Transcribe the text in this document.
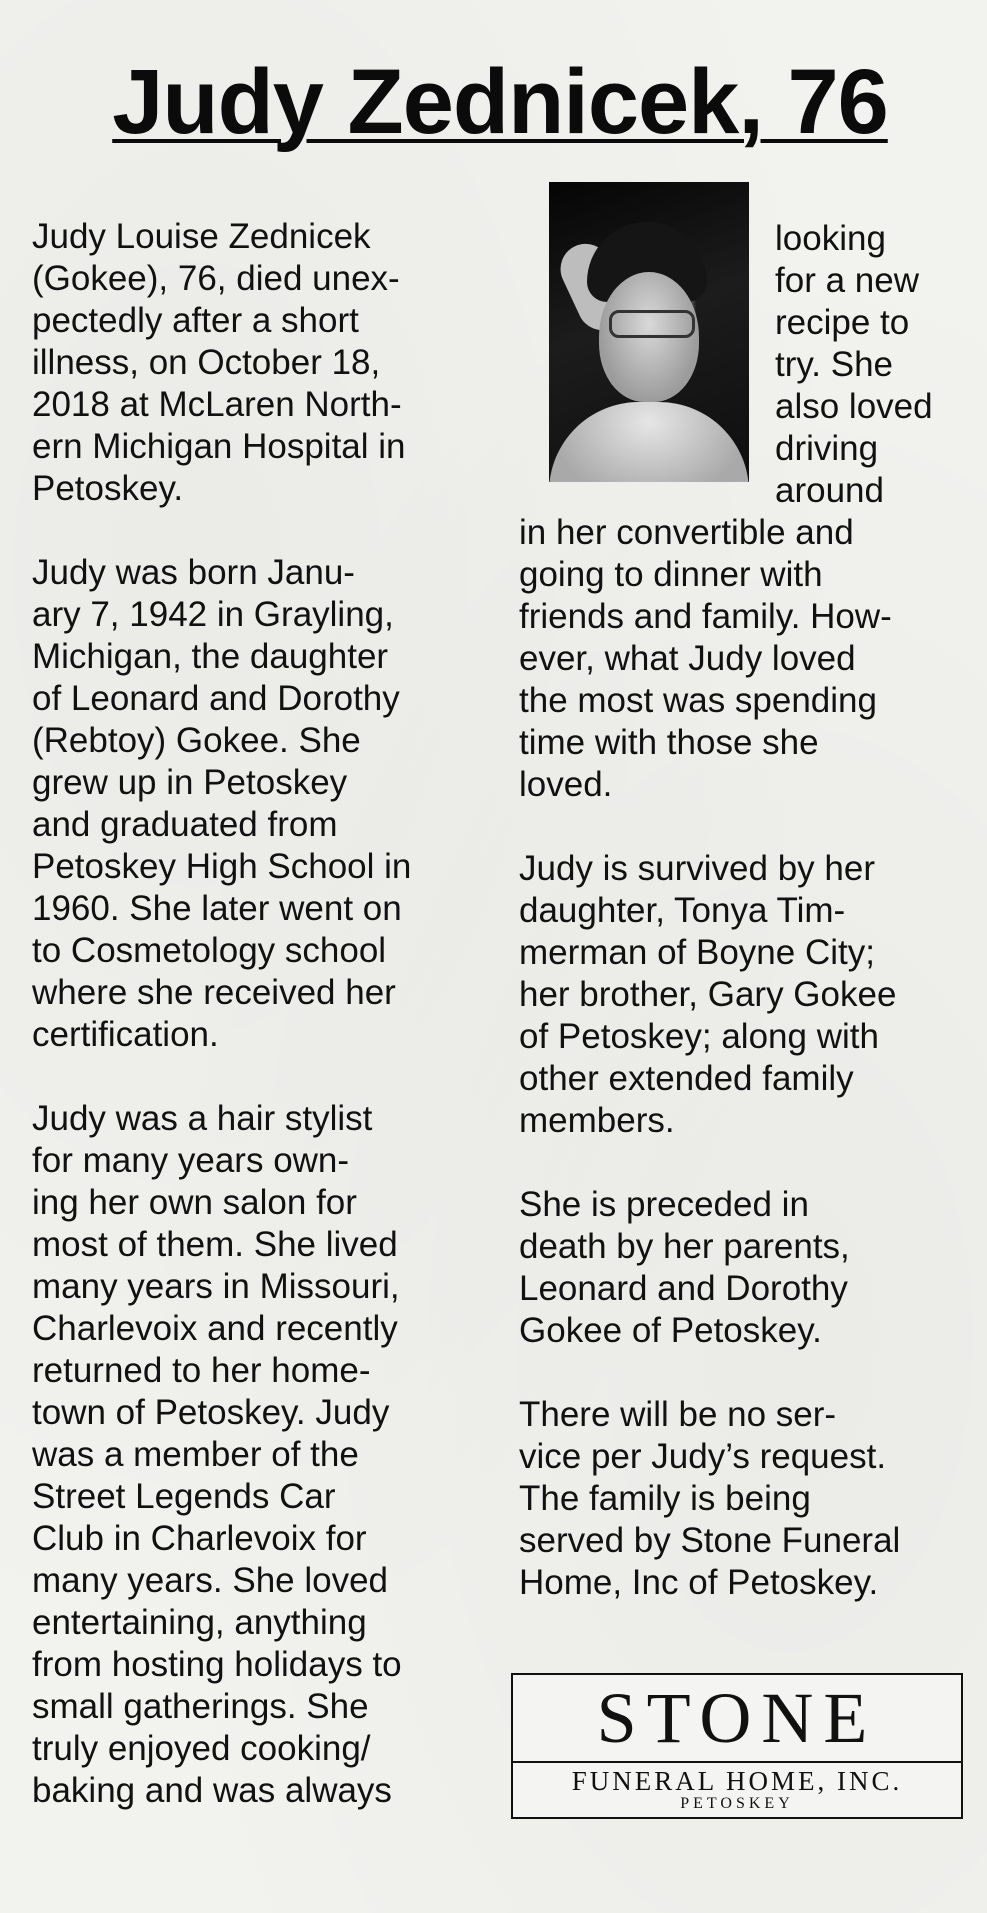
Judy Zednicek, 76
Judy Louise Zednicek
(Gokee), 76, died unex-
pectedly after a short
illness, on October 18,
2018 at McLaren North-
ern Michigan Hospital in
Petoskey.
Judy was born Janu-
ary 7, 1942 in Grayling,
Michigan, the daughter
of Leonard and Dorothy
(Rebtoy) Gokee. She
grew up in Petoskey
and graduated from
Petoskey High School in
1960. She later went on
to Cosmetology school
where she received her
certification.
Judy was a hair stylist
for many years own-
ing her own salon for
most of them. She lived
many years in Missouri,
Charlevoix and recently
returned to her home-
town of Petoskey. Judy
was a member of the
Street Legends Car
Club in Charlevoix for
many years. She loved
entertaining, anything
from hosting holidays to
small gatherings. She
truly enjoyed cooking/
baking and was always
looking
for a new
recipe to
try. She
also loved
driving
around
in her convertible and
going to dinner with
friends and family. How-
ever, what Judy loved
the most was spending
time with those she
loved.
Judy is survived by her
daughter, Tonya Tim-
merman of Boyne City;
her brother, Gary Gokee
of Petoskey; along with
other extended family
members.
She is preceded in
death by her parents,
Leonard and Dorothy
Gokee of Petoskey.
There will be no ser-
vice per Judy’s request.
The family is being
served by Stone Funeral
Home, Inc of Petoskey.
STONE
FUNERAL HOME, INC.
PETOSKEY
